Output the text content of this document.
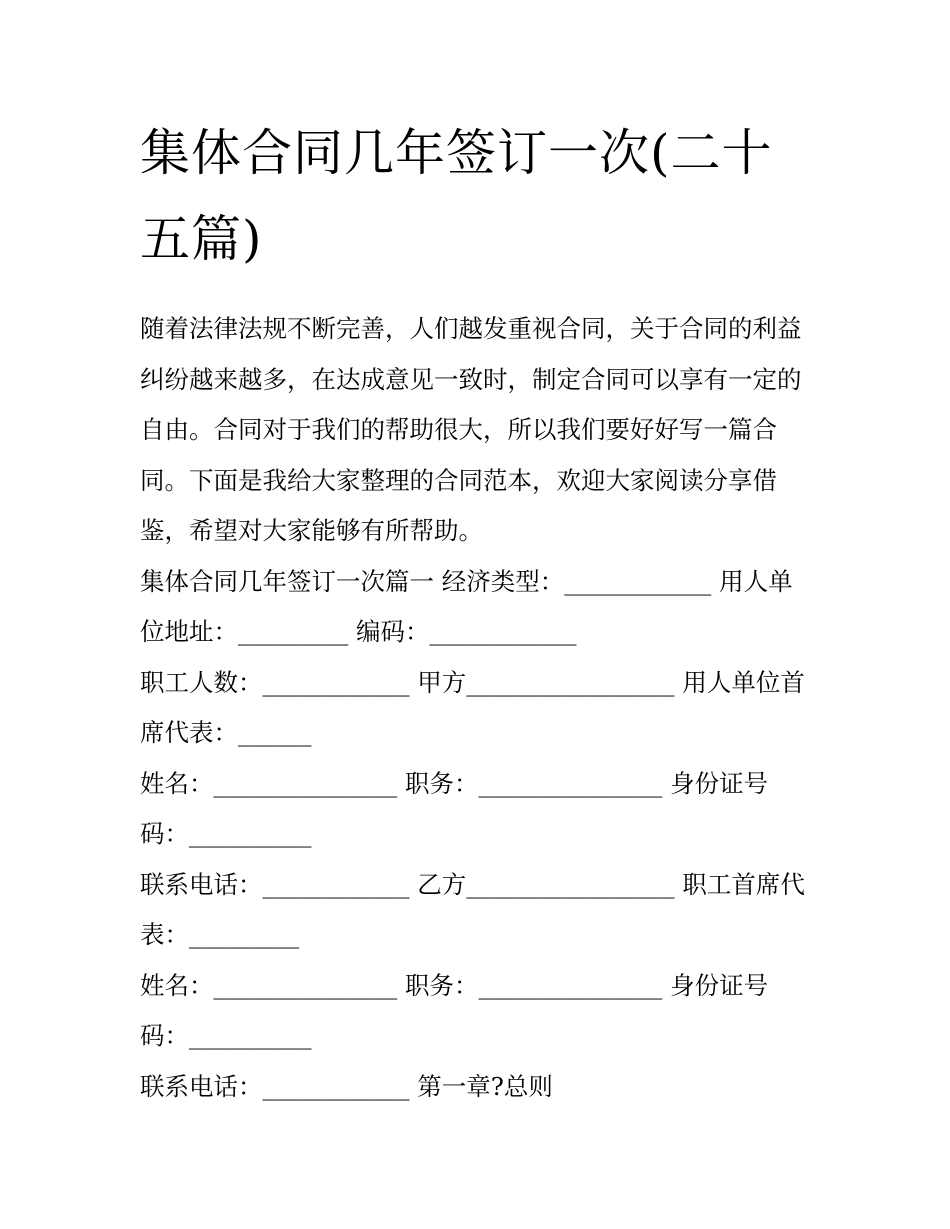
集体合同几年签订一次(二十五篇)

随着法律法规不断完善，人们越发重视合同，关于合同的利益纠纷越来越多，在达成意见一致时，制定合同可以享有一定的自由。合同对于我们的帮助很大，所以我们要好好写一篇合同。下面是我给大家整理的合同范本，欢迎大家阅读分享借鉴，希望对大家能够有所帮助。

集体合同几年签订一次篇一 经济类型：____________ 用人单位地址：_________ 编码：____________

职工人数：____________ 甲方_________________ 用人单位首席代表：______

姓名：_______________ 职务：_______________ 身份证号码：__________

联系电话：____________ 乙方_________________ 职工首席代表：_________

姓名：_______________ 职务：_______________ 身份证号码：__________

联系电话：____________ 第一章?总则
